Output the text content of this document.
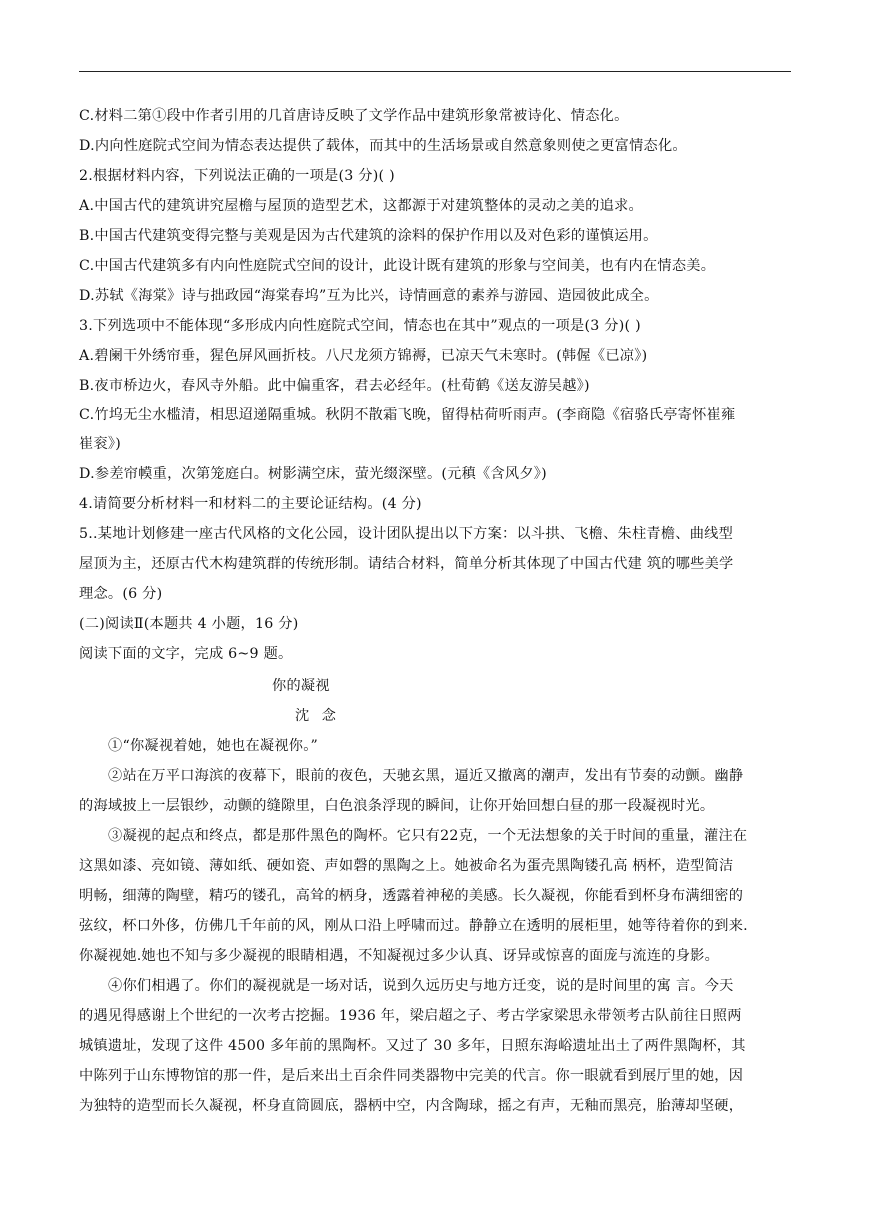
C.材料二第①段中作者引用的几首唐诗反映了文学作品中建筑形象常被诗化、情态化。
D.内向性庭院式空间为情态表达提供了载体，而其中的生活场景或自然意象则使之更富情态化。
2.根据材料内容，下列说法正确的一项是(3 分)( )
A.中国古代的建筑讲究屋檐与屋顶的造型艺术，这都源于对建筑整体的灵动之美的追求。
B.中国古代建筑变得完整与美观是因为古代建筑的涂料的保护作用以及对色彩的谨慎运用。
C.中国古代建筑多有内向性庭院式空间的设计，此设计既有建筑的形象与空间美，也有内在情态美。
D.苏轼《海棠》诗与拙政园“海棠春坞”互为比兴，诗情画意的素养与游园、造园彼此成全。
3.下列选项中不能体现“多形成内向性庭院式空间，情态也在其中”观点的一项是(3 分)( )
A.碧阑干外绣帘垂，猩色屏风画折枝。八尺龙须方锦褥，已凉天气未寒时。(韩偓《已凉》)
B.夜市桥边火，春风寺外船。此中偏重客，君去必经年。(杜荀鹤《送友游吴越》)
C.竹坞无尘水槛清，相思迢递隔重城。秋阴不散霜飞晚，留得枯荷听雨声。(李商隐《宿骆氏亭寄怀崔雍
崔衮》)
D.参差帘幙重，次第笼庭白。树影满空床，萤光缀深壁。(元稹《含风夕》)
4.请简要分析材料一和材料二的主要论证结构。(4 分)
5..某地计划修建一座古代风格的文化公园，设计团队提出以下方案：以斗拱、飞檐、朱柱青檐、曲线型
屋顶为主，还原古代木构建筑群的传统形制。请结合材料，简单分析其体现了中国古代建 筑的哪些美学
理念。(6 分)
(二)阅读Ⅱ(本题共 4 小题，16 分)
阅读下面的文字，完成 6~9 题。
你的凝视
沈 念
①“你凝视着她，她也在凝视你。”
②站在万平口海滨的夜幕下，眼前的夜色，天驰玄黑，逼近又撤离的潮声，发出有节奏的动颤。幽静
的海域披上一层银纱，动颤的缝隙里，白色浪条浮现的瞬间，让你开始回想白昼的那一段凝视时光。
③凝视的起点和终点，都是那件黑色的陶杯。它只有22克，一个无法想象的关于时间的重量，灌注在
这黑如漆、亮如镜、薄如纸、硬如瓷、声如磬的黑陶之上。她被命名为蛋壳黑陶镂孔高 柄杯，造型简洁
明畅，细薄的陶壁，精巧的镂孔，高耸的柄身，透露着神秘的美感。长久凝视，你能看到杯身布满细密的
弦纹，杯口外侈，仿佛几千年前的风，刚从口沿上呼啸而过。静静立在透明的展柜里，她等待着你的到来.
你凝视她.她也不知与多少凝视的眼睛相遇，不知凝视过多少认真、讶异或惊喜的面庞与流连的身影。
④你们相遇了。你们的凝视就是一场对话，说到久远历史与地方迁变，说的是时间里的寓 言。今天
的遇见得感谢上个世纪的一次考古挖掘。1936 年，梁启超之子、考古学家梁思永带领考古队前往日照两
城镇遗址，发现了这件 4500 多年前的黑陶杯。又过了 30 多年，日照东海峪遗址出土了两件黑陶杯，其
中陈列于山东博物馆的那一件，是后来出土百余件同类器物中完美的代言。你一眼就看到展厅里的她，因
为独特的造型而长久凝视，杯身直筒圆底，器柄中空，内含陶球，摇之有声，无釉而黑亮，胎薄却坚硬，
